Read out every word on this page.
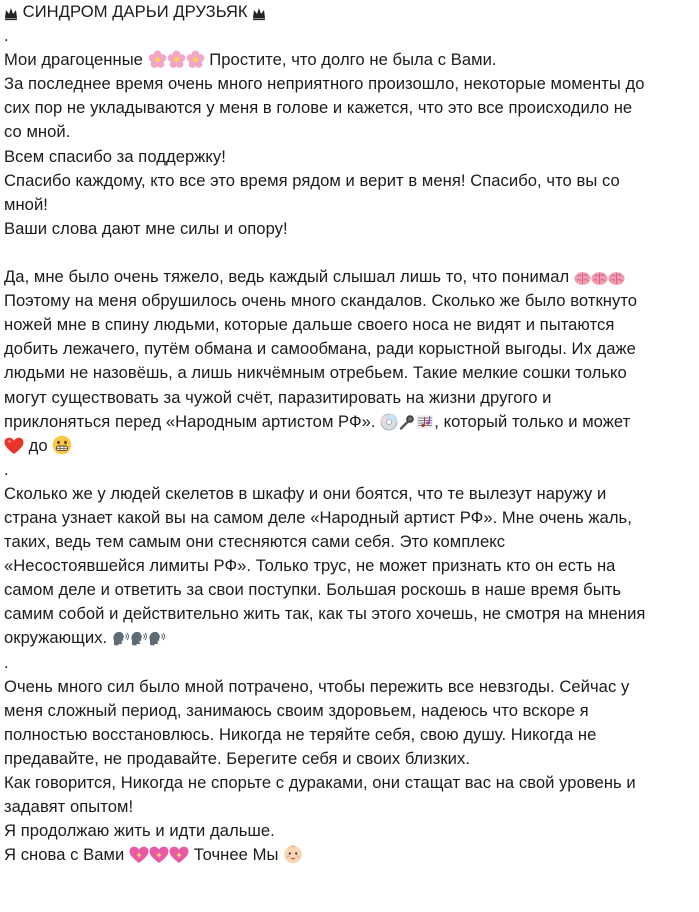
СИНДРОМ ДАРЬИ ДРУЗЬЯК
.
Мои драгоценные	Простите, что долго не была с Вами.
За последнее время очень много неприятного произошло, некоторые моменты до
сих пор не укладываются у меня в голове и кажется, что это все происходило не
со мной.
Всем спасибо за поддержку!
Спасибо каждому, кто все это время рядом и верит в меня! Спасибо, что вы со
мной!
Ваши слова дают мне силы и опору!
Да, мне было очень тяжело, ведь каждый слышал лишь то, что понимал
Поэтому на меня обрушилось очень много скандалов. Сколько же было воткнуто
ножей мне в спину людьми, которые дальше своего носа не видят и пытаются
добить лежачего, путём обмана и самообмана, ради корыстной выгоды. Их даже
людьми не назовёшь, а лишь никчёмным отребьем. Такие мелкие сошки только
могут существовать за чужой счёт, паразитировать на жизни другого и
приклоняться перед «Народным артистом РФ».	, который только и может
до
.
Сколько же у людей скелетов в шкафу и они боятся, что те вылезут наружу и
страна узнает какой вы на самом деле «Народный артист РФ». Мне очень жаль,
таких, ведь тем самым они стесняются сами себя. Это комплекс
«Несостоявшейся лимиты РФ». Только трус, не может признать кто он есть на
самом деле и ответить за свои поступки. Большая роскошь в наше время быть
самим собой и действительно жить так, как ты этого хочешь, не смотря на мнения
окружающих.
.
Очень много сил было мной потрачено, чтобы пережить все невзгоды. Сейчас у
меня сложный период, занимаюсь своим здоровьем, надеюсь что вскоре я
полностью восстановлюсь. Никогда не теряйте себя, свою душу. Никогда не
предавайте, не продавайте. Берегите себя и своих близких.
Как говорится, Никогда не спорьте с дураками, они стащат вас на свой уровень и
задавят опытом!
Я продолжаю жить и идти дальше.
Я снова с Вами	Точнее Мы
